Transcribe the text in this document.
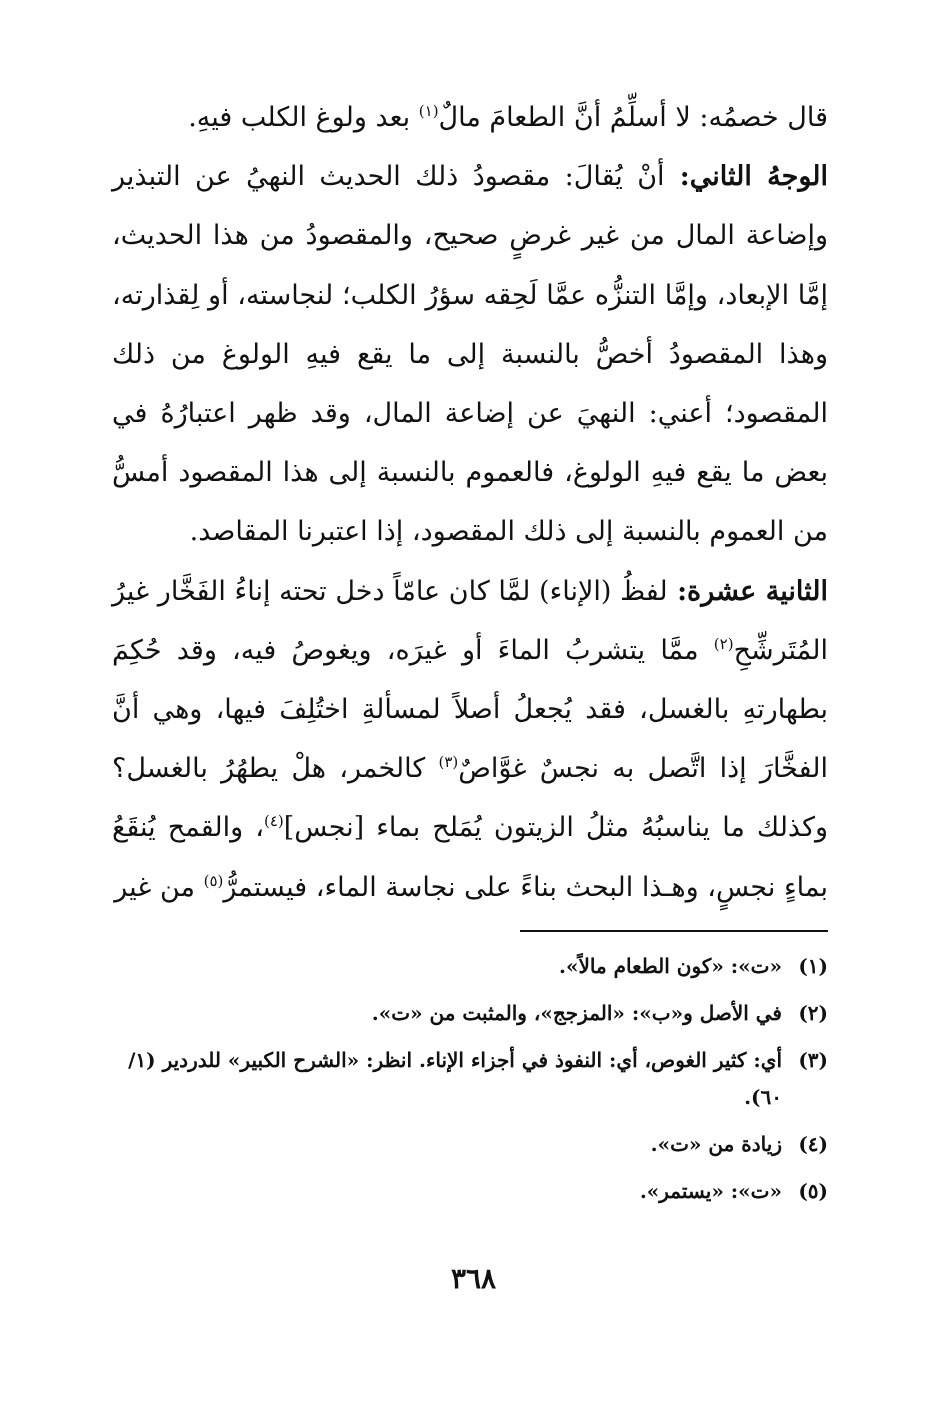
قال خصمُه: لا أسلِّمُ أنَّ الطعامَ مالٌ$^{(١)}$ بعد ولوغ الكلب فيهِ.

الوجهُ الثاني: أنْ يُقالَ: مقصودُ ذلك الحديث النهيُ عن التبذير وإضاعة المال من غير غرضٍ صحيح، والمقصودُ من هذا الحديث، إمَّا الإبعاد، وإمَّا التنزُّه عمَّا لَحِقه سؤرُ الكلب؛ لنجاسته، أو لِقذارته، وهذا المقصودُ أخصُّ بالنسبة إلى ما يقع فيهِ الولوغ من ذلك المقصود؛ أعني: النهيَ عن إضاعة المال، وقد ظهر اعتبارُهُ في بعض ما يقع فيهِ الولوغ، فالعموم بالنسبة إلى هذا المقصود أمسُّ من العموم بالنسبة إلى ذلك المقصود، إذا اعتبرنا المقاصد.

الثانية عشرة: لفظُ (الإناء) لمَّا كان عامّاً دخل تحته إناءُ الفَخَّار غيرُ المُتَرشِّحِ$^{(٢)}$ ممَّا يتشربُ الماءَ أو غيرَه، ويغوصُ فيه، وقد حُكِمَ بطهارتهِ بالغسل، فقد يُجعلُ أصلاً لمسألةِ اختُلِفَ فيها، وهي أنَّ الفخَّارَ إذا اتَّصل به نجسٌ غوَّاصٌ$^{(٣)}$ كالخمر، هلْ يطهُرُ بالغسل؟ وكذلك ما يناسبُهُ مثلُ الزيتون يُمَلح بماء [نجس]$^{(٤)}$، والقمح يُنقَعُ بماءٍ نجسٍ، وهـذا البحث بناءً على نجاسة الماء، فيستمرُّ$^{(٥)}$ من غير

(١)
«ت»: «كون الطعام مالاً».
(٢)
في الأصل و«ب»: «المزجج»، والمثبت من «ت».
(٣)
أي: كثير الغوص، أي: النفوذ في أجزاء الإناء. انظر: «الشرح الكبير» للدردير (١/ ٦٠).
(٤)
زيادة من «ت».
(٥)
«ت»: «يستمر».
٣٦٨
